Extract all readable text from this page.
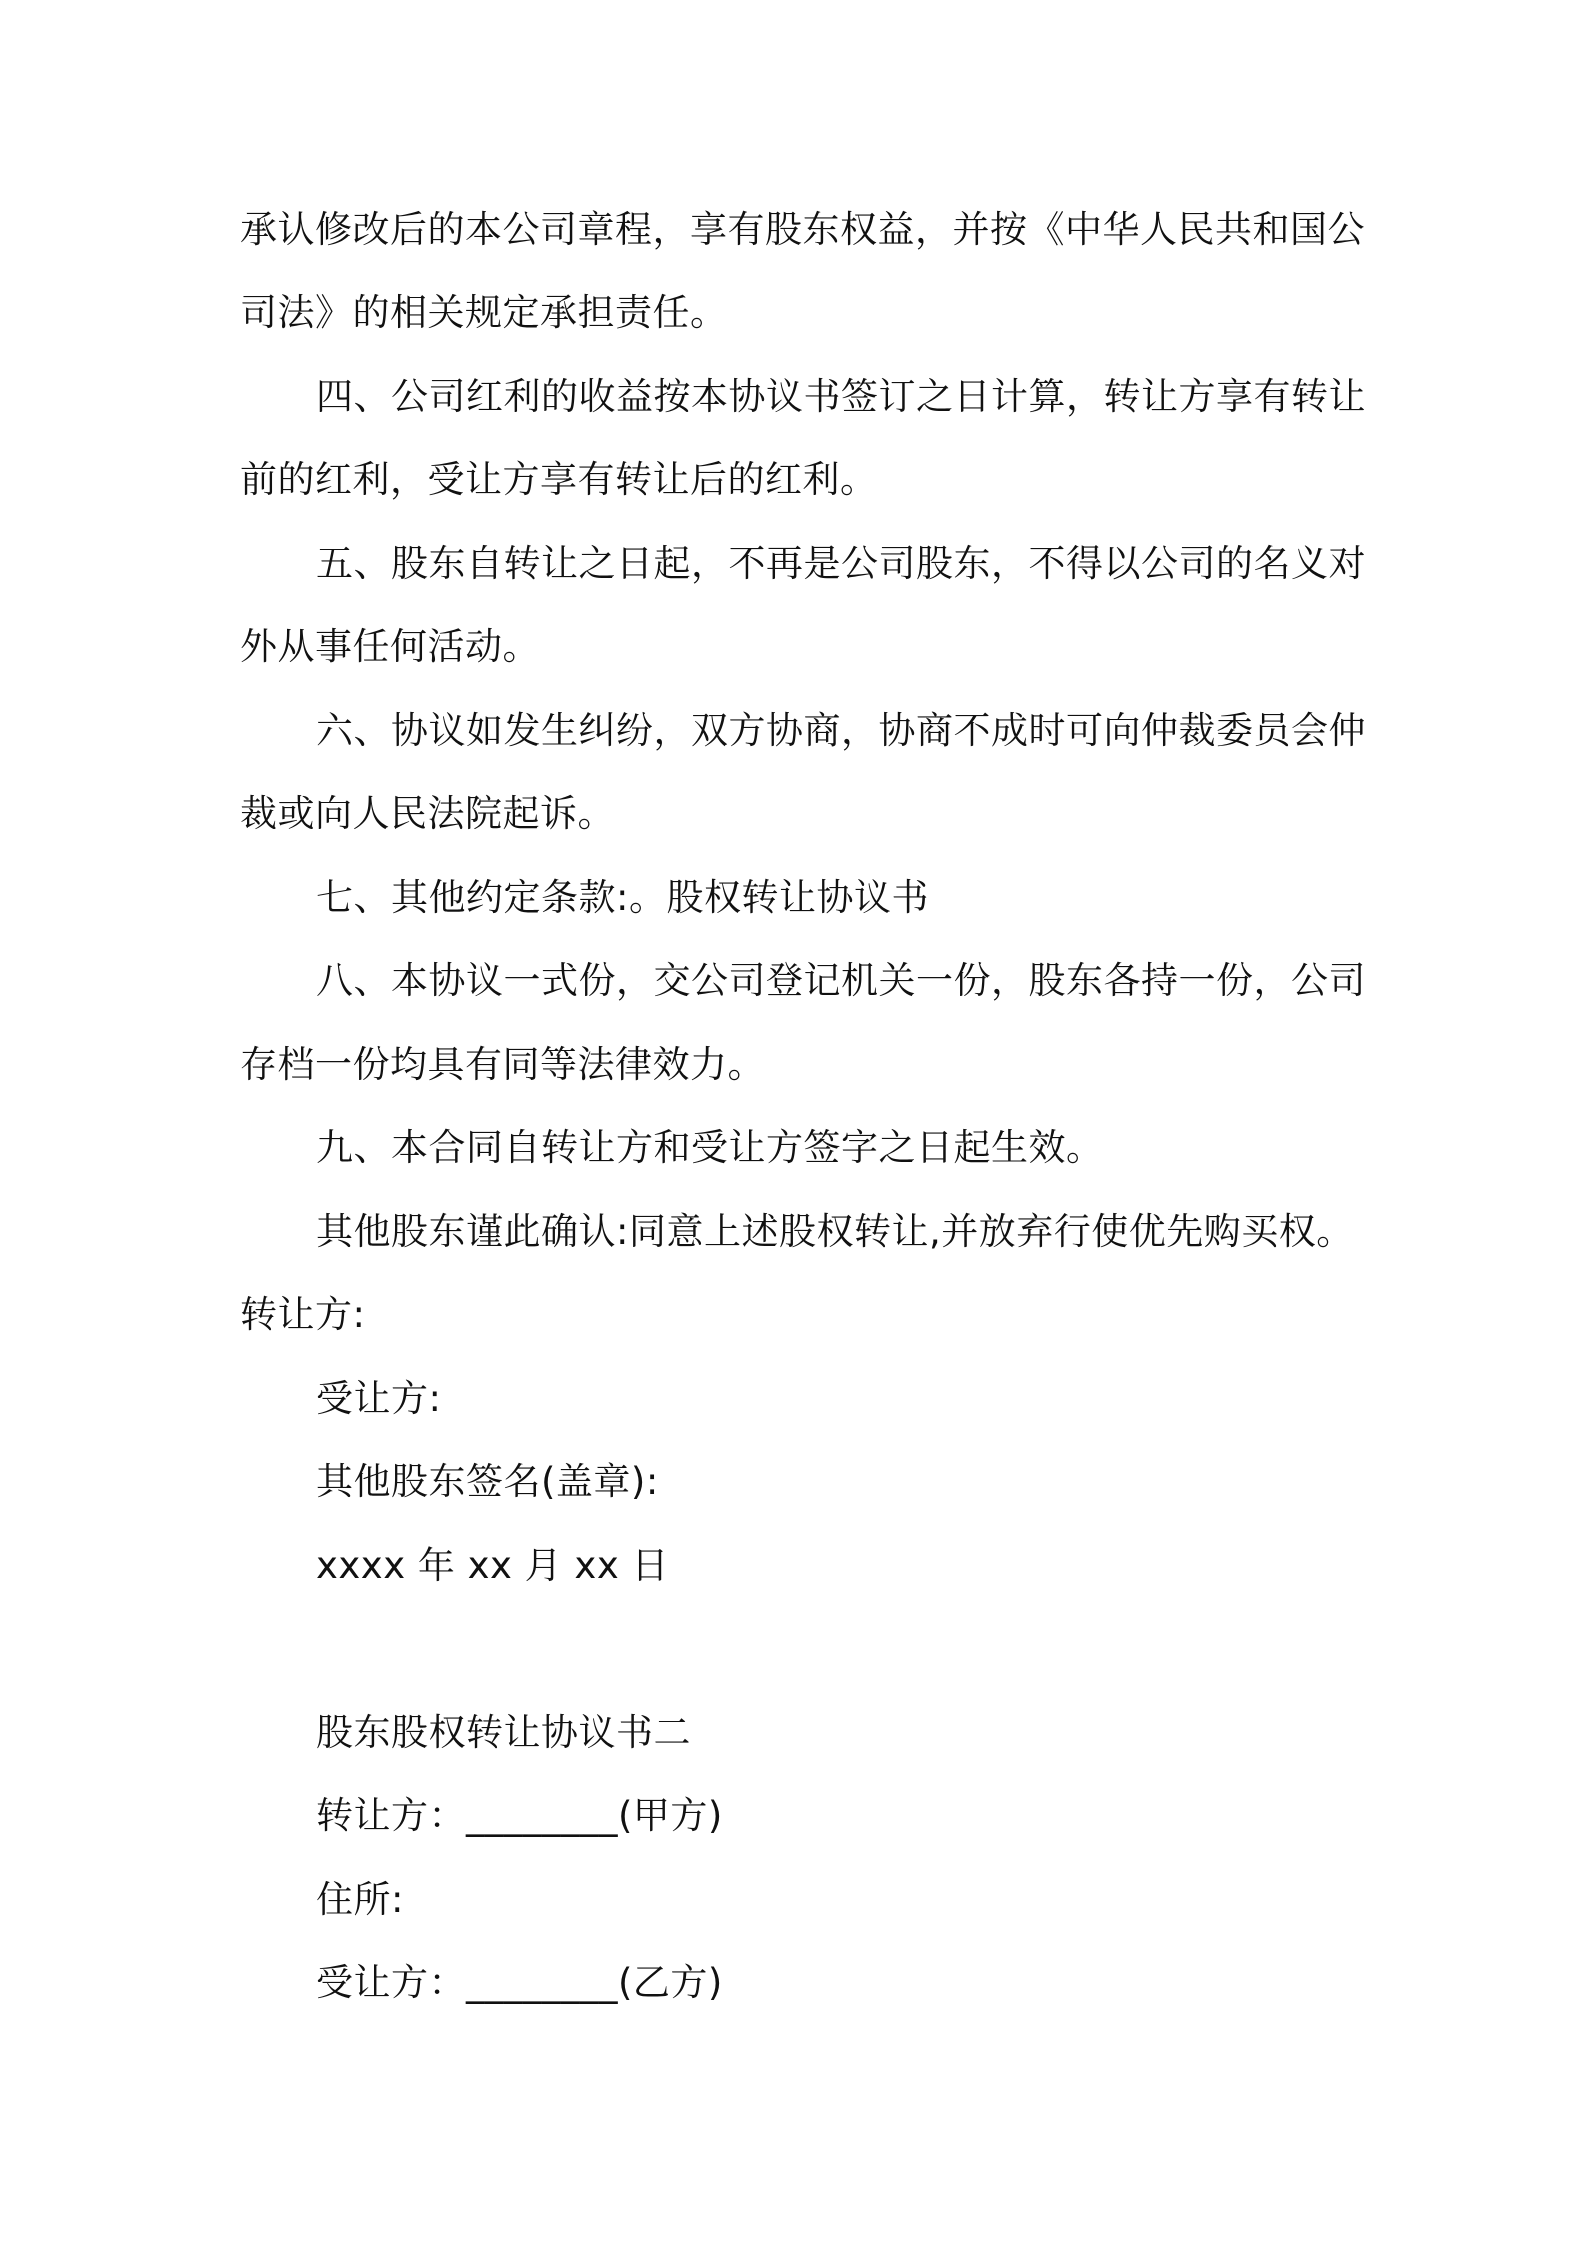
承认修改后的本公司章程，享有股东权益，并按《中华人民共和国公
司法》的相关规定承担责任。
四、公司红利的收益按本协议书签订之日计算，转让方享有转让
前的红利，受让方享有转让后的红利。
五、股东自转让之日起，不再是公司股东，不得以公司的名义对
外从事任何活动。
六、协议如发生纠纷，双方协商，协商不成时可向仲裁委员会仲
裁或向人民法院起诉。
七、其他约定条款:。股权转让协议书
八、本协议一式份，交公司登记机关一份，股东各持一份，公司
存档一份均具有同等法律效力。
九、本合同自转让方和受让方签字之日起生效。
其他股东谨此确认:同意上述股权转让,并放弃行使优先购买权。
转让方:
受让方:
其他股东签名(盖章):
xxxx 年 xx 月 xx 日
股东股权转让协议书二
转让方：________(甲方)
住所:
受让方：________(乙方)
